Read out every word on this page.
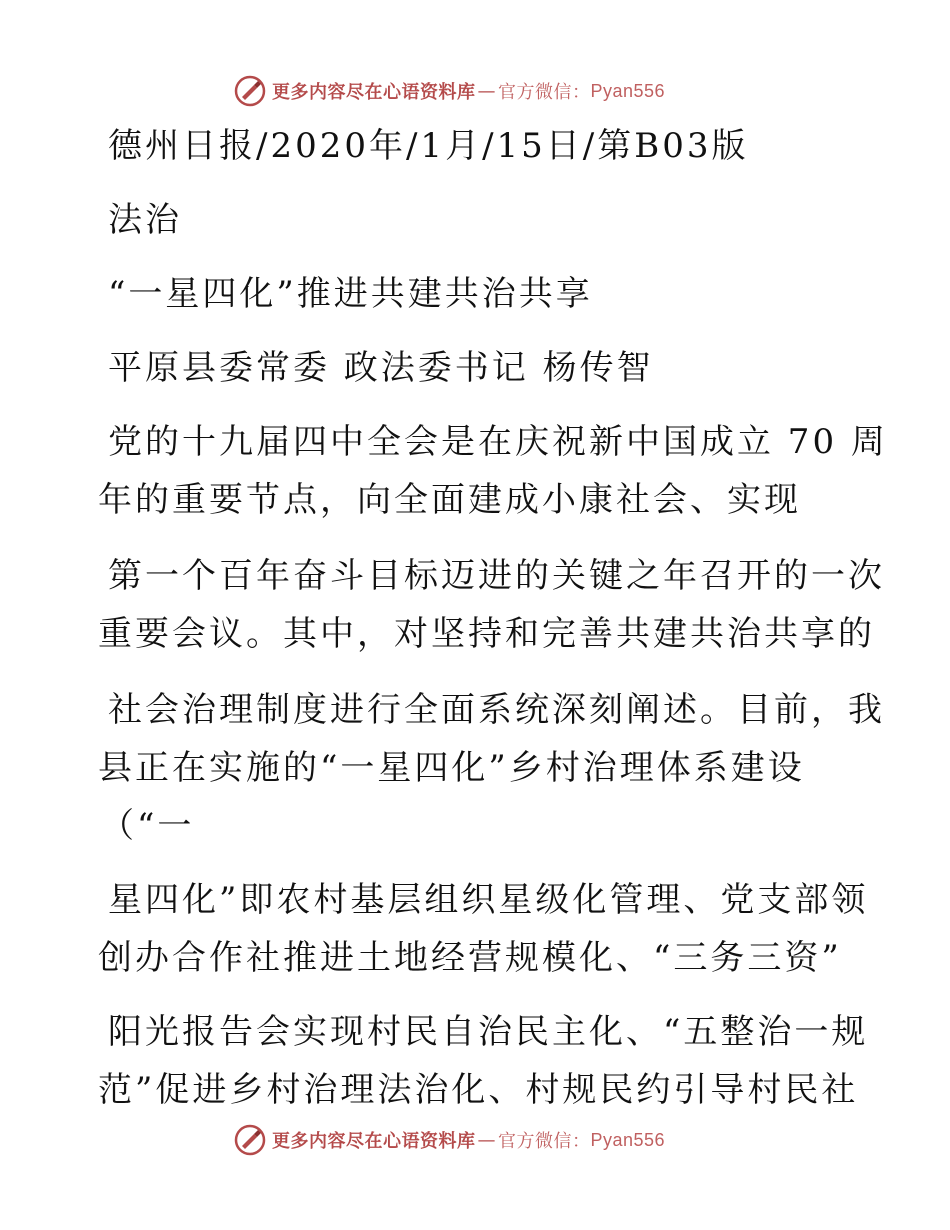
更多内容尽在心语资料库 — 官方微信： Pyan556
德州日报/2020年/1月/15日/第B03版
法治
“一星四化”推进共建共治共享
平原县委常委 政法委书记 杨传智
党的十九届四中全会是在庆祝新中国成立 70 周
年的重要节点，向全面建成小康社会、实现
第一个百年奋斗目标迈进的关键之年召开的一次
重要会议。其中，对坚持和完善共建共治共享的
社会治理制度进行全面系统深刻阐述。目前，我
县正在实施的“一星四化”乡村治理体系建设
（“一
星四化”即农村基层组织星级化管理、党支部领
创办合作社推进土地经营规模化、“三务三资”
阳光报告会实现村民自治民主化、“五整治一规
范”促进乡村治理法治化、村规民约引导村民社
更多内容尽在心语资料库 — 官方微信： Pyan556
